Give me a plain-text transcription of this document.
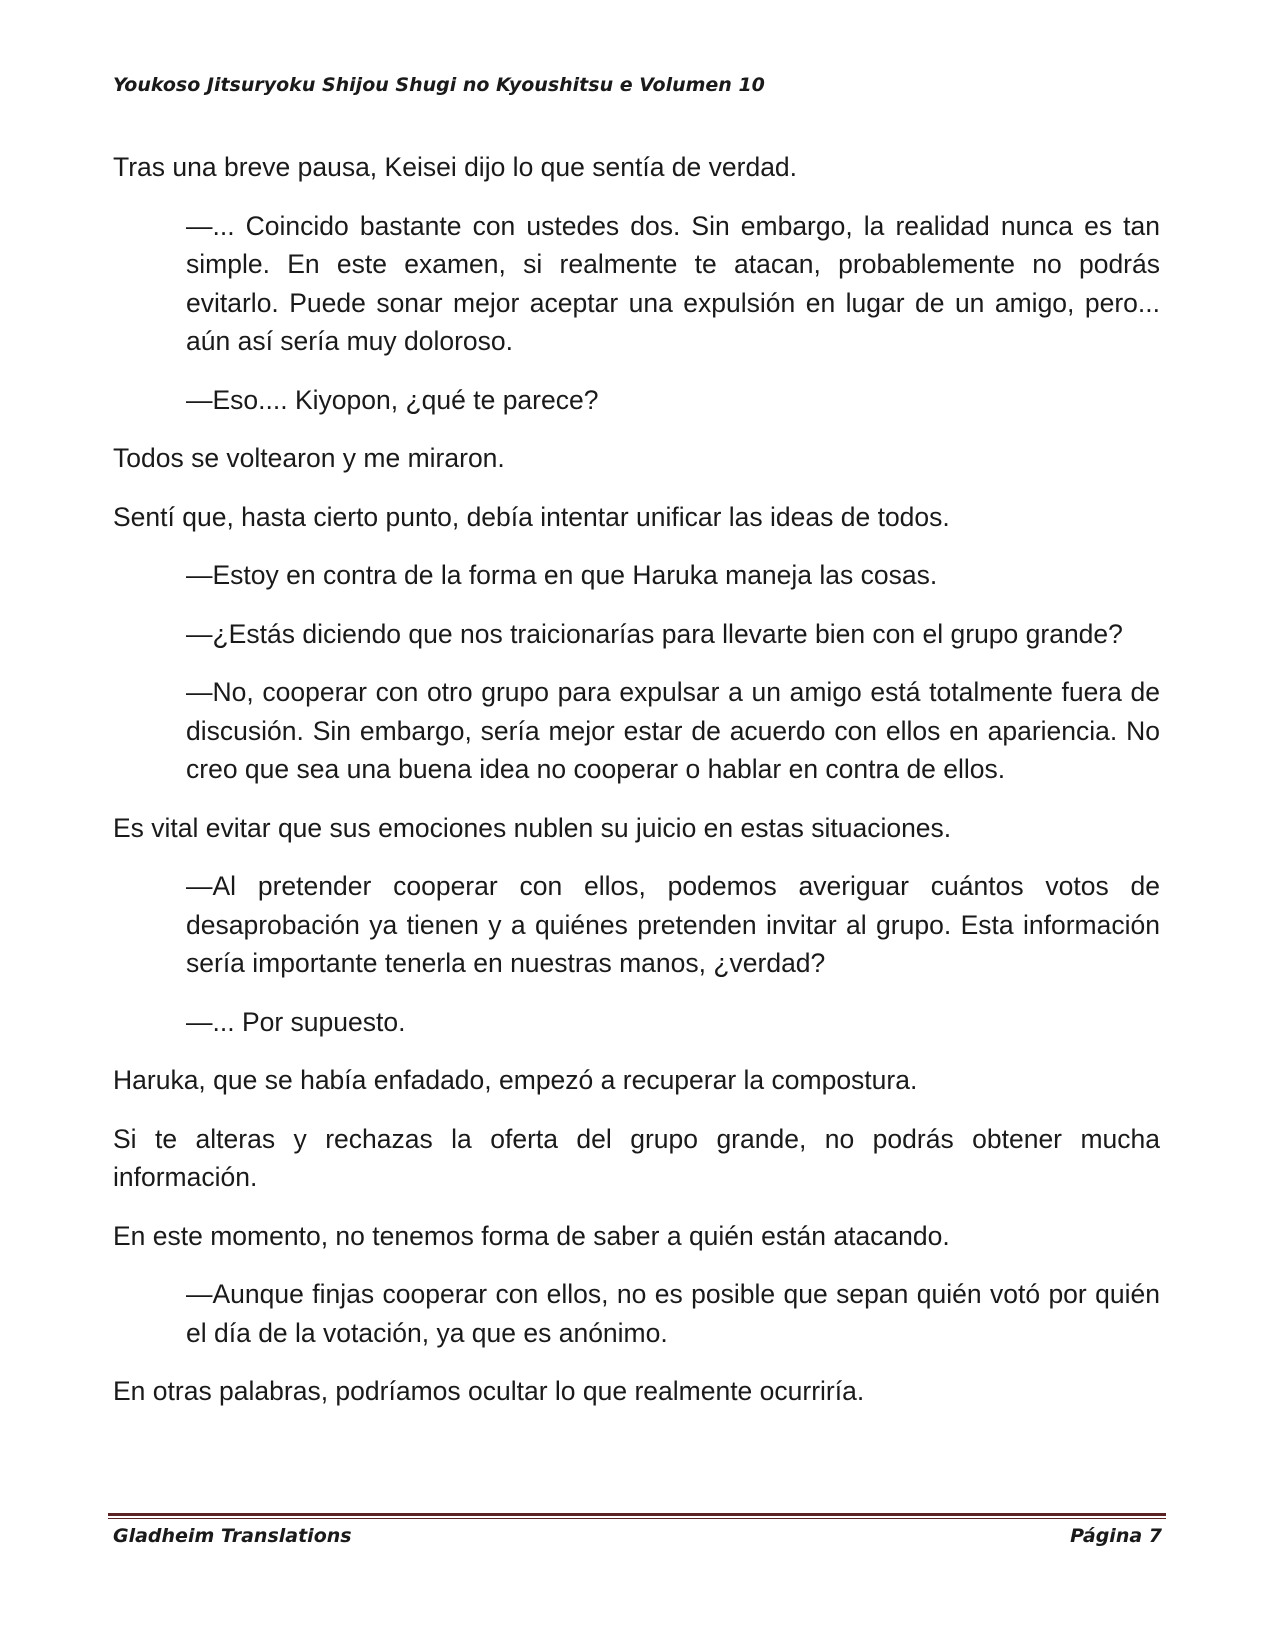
Youkoso Jitsuryoku Shijou Shugi no Kyoushitsu e Volumen 10

Tras una breve pausa, Keisei dijo lo que sentía de verdad.

—... Coincido bastante con ustedes dos. Sin embargo, la realidad nunca es tan simple. En este examen, si realmente te atacan, probablemente no podrás evitarlo. Puede sonar mejor aceptar una expulsión en lugar de un amigo, pero... aún así sería muy doloroso.

—Eso.... Kiyopon, ¿qué te parece?

Todos se voltearon y me miraron.

Sentí que, hasta cierto punto, debía intentar unificar las ideas de todos.

—Estoy en contra de la forma en que Haruka maneja las cosas.

—¿Estás diciendo que nos traicionarías para llevarte bien con el grupo grande?

—No, cooperar con otro grupo para expulsar a un amigo está totalmente fuera de discusión. Sin embargo, sería mejor estar de acuerdo con ellos en apariencia. No creo que sea una buena idea no cooperar o hablar en contra de ellos.

Es vital evitar que sus emociones nublen su juicio en estas situaciones.

—Al pretender cooperar con ellos, podemos averiguar cuántos votos de desaprobación ya tienen y a quiénes pretenden invitar al grupo. Esta información sería importante tenerla en nuestras manos, ¿verdad?

—... Por supuesto.

Haruka, que se había enfadado, empezó a recuperar la compostura.

Si te alteras y rechazas la oferta del grupo grande, no podrás obtener mucha información.

En este momento, no tenemos forma de saber a quién están atacando.

—Aunque finjas cooperar con ellos, no es posible que sepan quién votó por quién el día de la votación, ya que es anónimo.

En otras palabras, podríamos ocultar lo que realmente ocurriría.

Gladheim Translations	Página 7
